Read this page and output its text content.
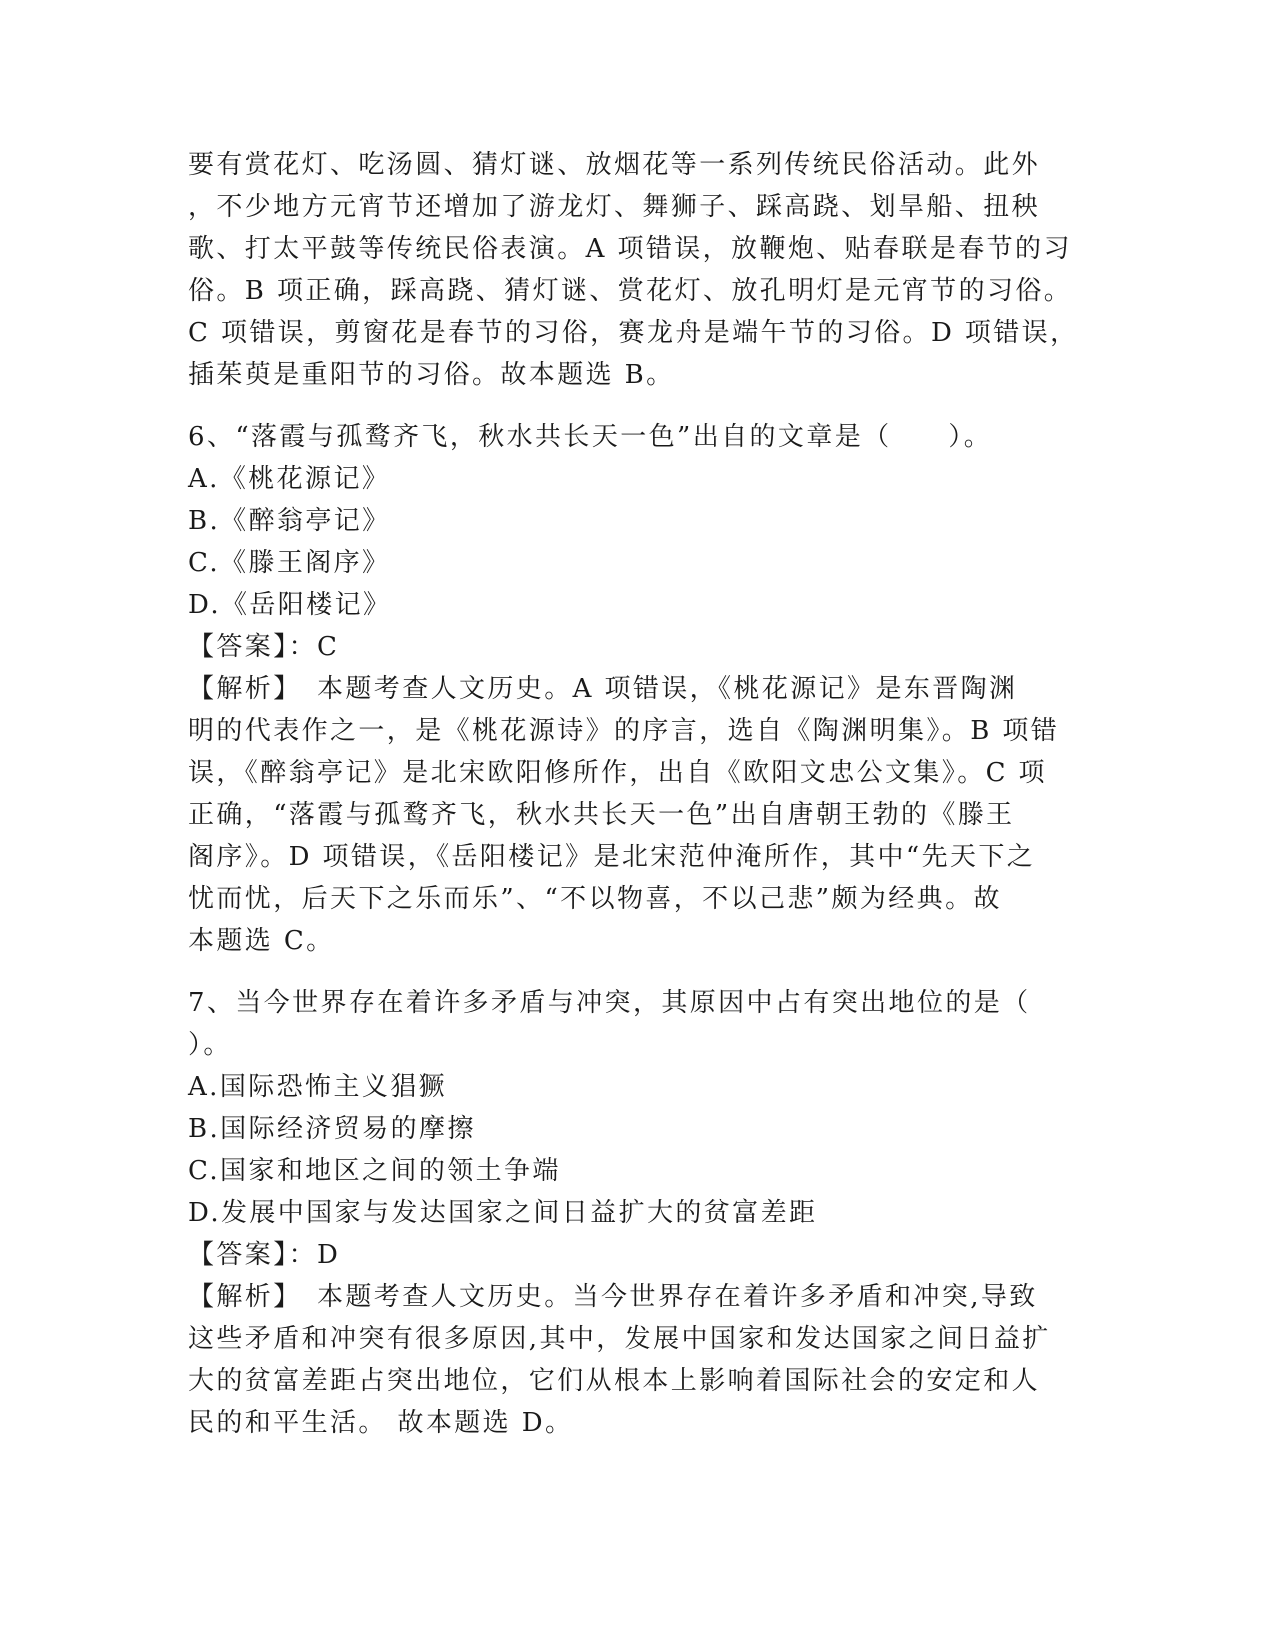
要有赏花灯、吃汤圆、猜灯谜、放烟花等一系列传统民俗活动。此外
，不少地方元宵节还增加了游龙灯、舞狮子、踩高跷、划旱船、扭秧
歌、打太平鼓等传统民俗表演。A 项错误，放鞭炮、贴春联是春节的习
俗。B 项正确，踩高跷、猜灯谜、赏花灯、放孔明灯是元宵节的习俗。
C 项错误，剪窗花是春节的习俗，赛龙舟是端午节的习俗。D 项错误，
插茱萸是重阳节的习俗。故本题选 B。
6、“落霞与孤鹜齐飞，秋水共长天一色”出自的文章是（　　）。
A.《桃花源记》
B.《醉翁亭记》
C.《滕王阁序》
D.《岳阳楼记》
【答案】：C
【解析】　本题考查人文历史。A 项错误，《桃花源记》是东晋陶渊
明的代表作之一，是《桃花源诗》的序言，选自《陶渊明集》。B 项错
误，《醉翁亭记》是北宋欧阳修所作，出自《欧阳文忠公文集》。C 项
正确，“落霞与孤鹜齐飞，秋水共长天一色”出自唐朝王勃的《滕王
阁序》。D 项错误，《岳阳楼记》是北宋范仲淹所作，其中“先天下之
忧而忧，后天下之乐而乐”、“不以物喜，不以己悲”颇为经典。故
本题选 C。
7、当今世界存在着许多矛盾与冲突，其原因中占有突出地位的是（
）。
A.国际恐怖主义猖獗
B.国际经济贸易的摩擦
C.国家和地区之间的领土争端
D.发展中国家与发达国家之间日益扩大的贫富差距
【答案】：D
【解析】　本题考查人文历史。当今世界存在着许多矛盾和冲突,导致
这些矛盾和冲突有很多原因,其中，发展中国家和发达国家之间日益扩
大的贫富差距占突出地位，它们从根本上影响着国际社会的安定和人
民的和平生活。 故本题选 D。
